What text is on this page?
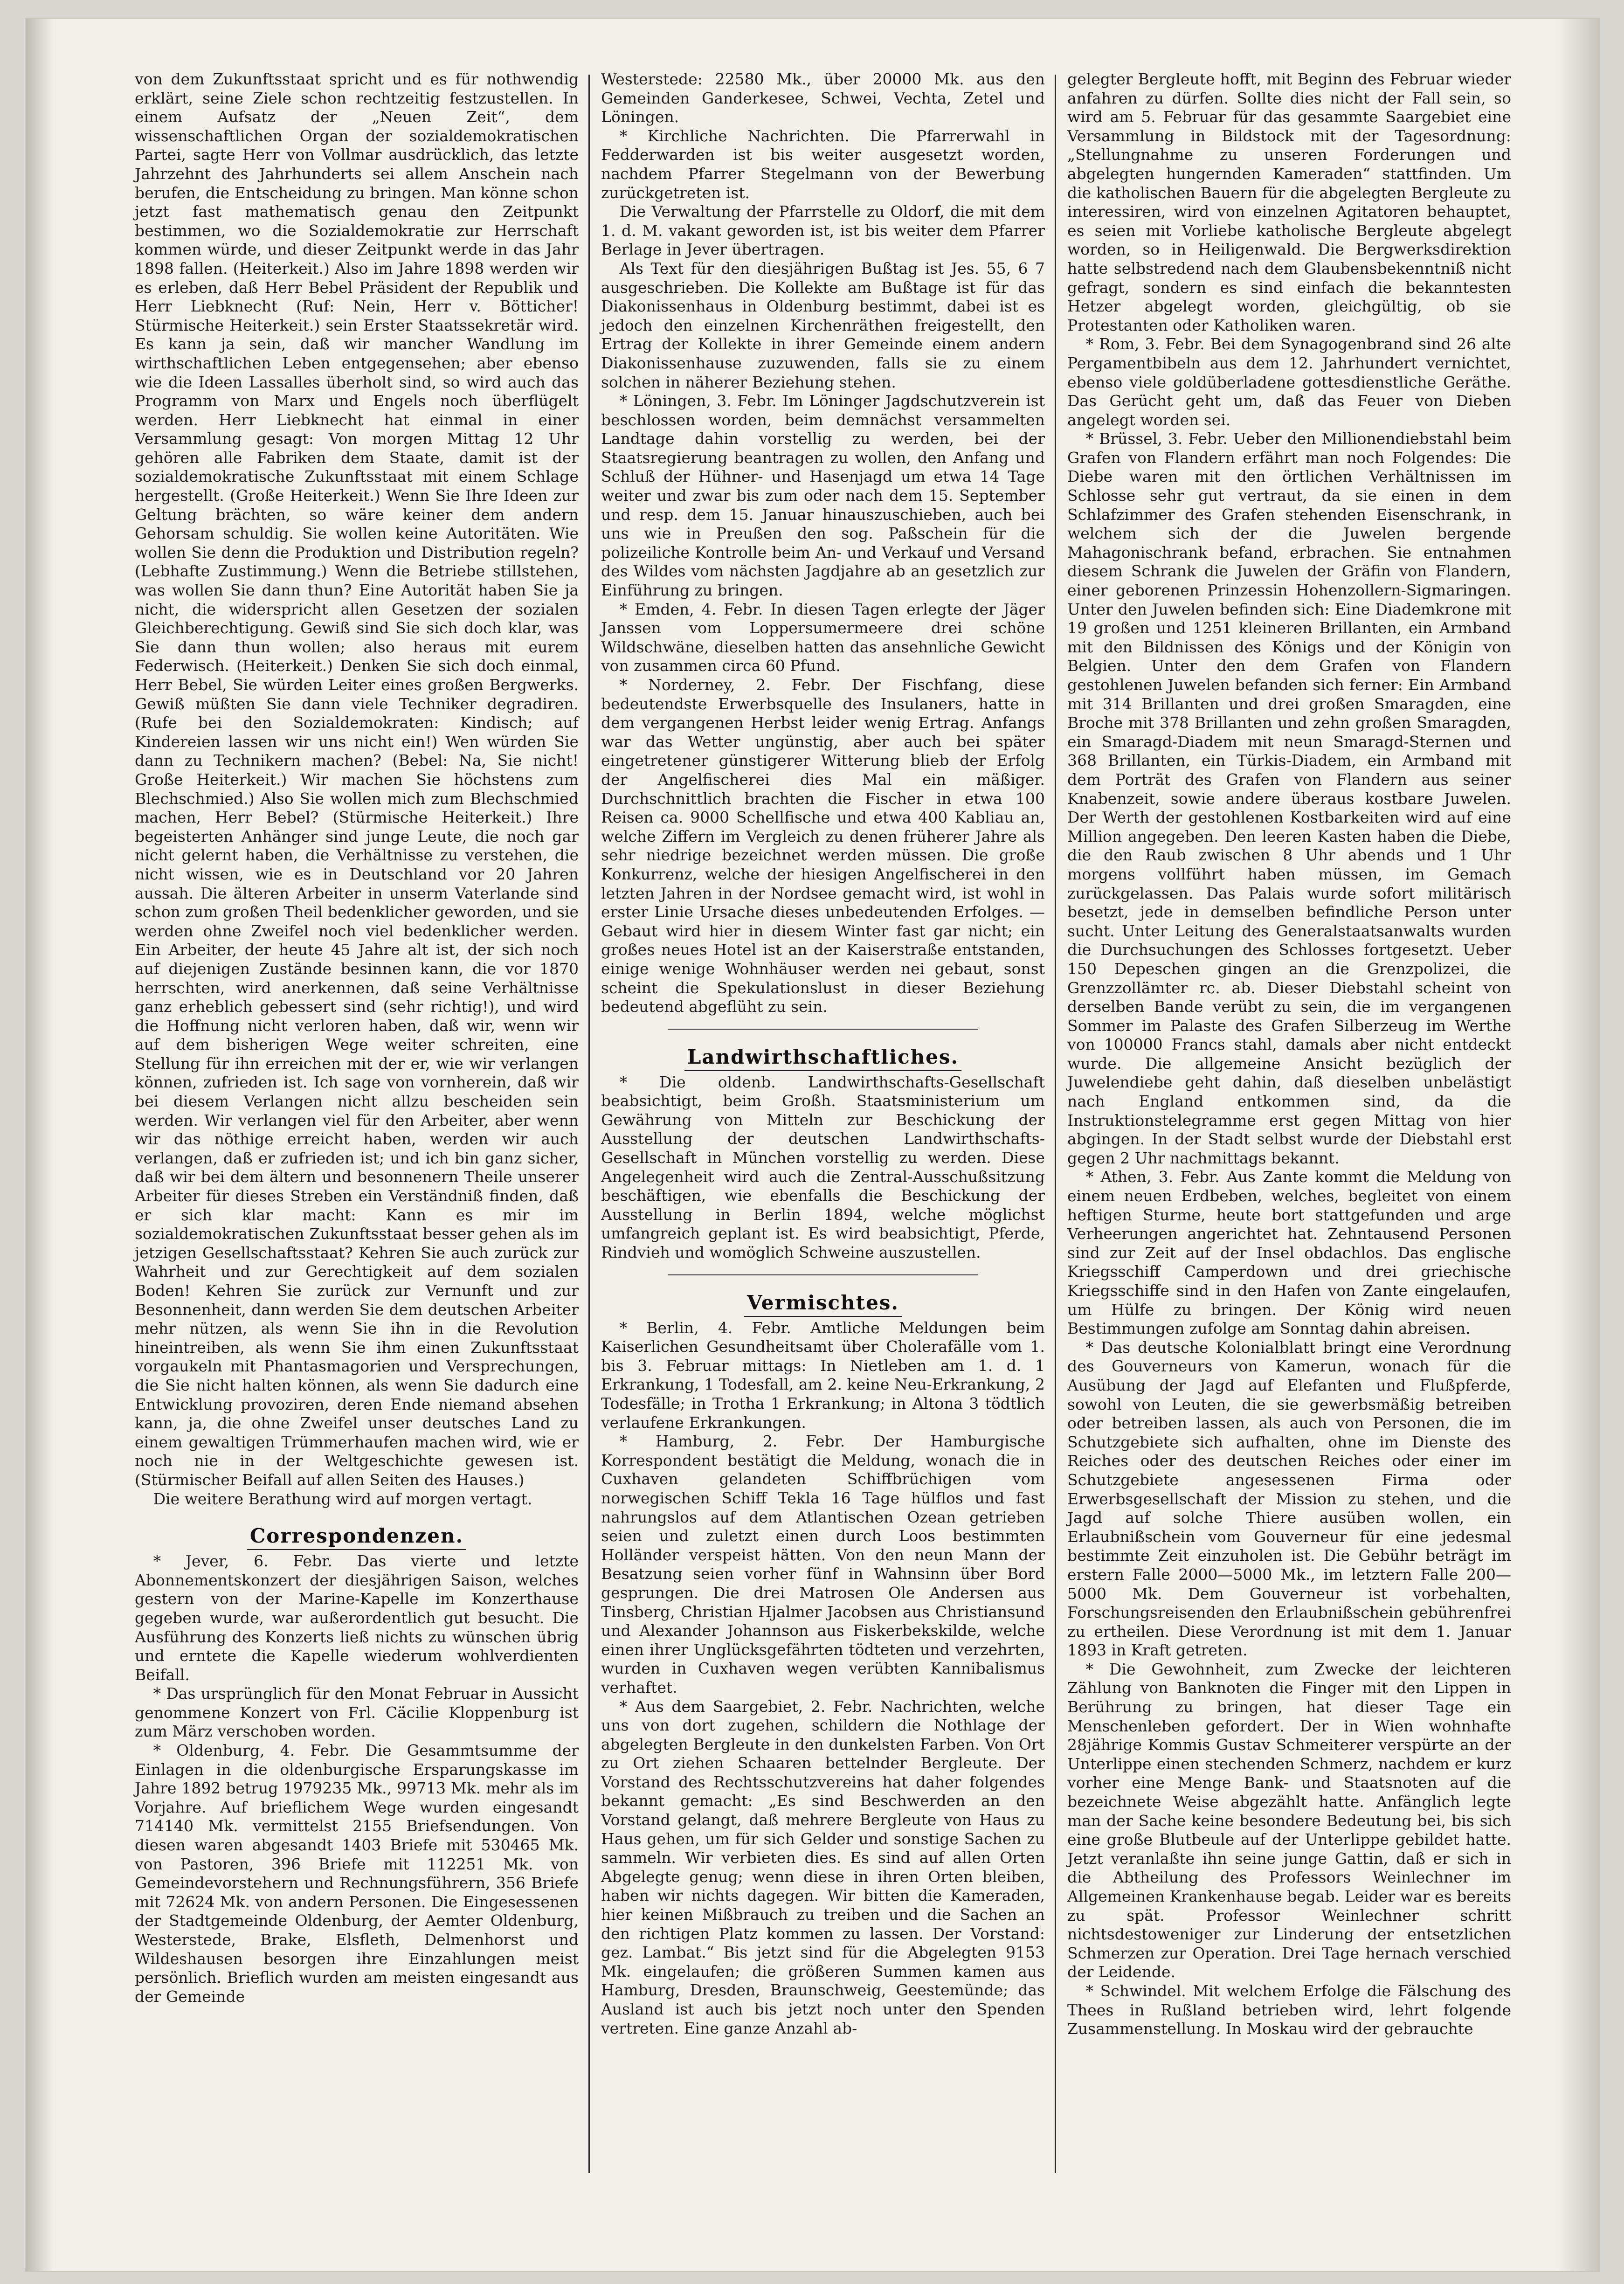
von dem Zukunftsstaat spricht und es für nothwendig erklärt, seine Ziele schon rechtzeitig festzustellen. In einem Aufsatz der „Neuen Zeit“, dem wissenschaftlichen Organ der sozialdemokratischen Partei, sagte Herr von Vollmar ausdrücklich, das letzte Jahrzehnt des Jahrhunderts sei allem Anschein nach berufen, die Entscheidung zu bringen. Man könne schon jetzt fast mathematisch genau den Zeitpunkt bestimmen, wo die Sozialdemokratie zur Herrschaft kommen würde, und dieser Zeitpunkt werde in das Jahr 1898 fallen. (Heiterkeit.) Also im Jahre 1898 werden wir es erleben, daß Herr Bebel Präsident der Republik und Herr Liebknecht (Ruf: Nein, Herr v. Bötticher! Stürmische Heiterkeit.) sein Erster Staatssekretär wird. Es kann ja sein, daß wir mancher Wandlung im wirthschaftlichen Leben entgegensehen; aber ebenso wie die Ideen Lassalles überholt sind, so wird auch das Programm von Marx und Engels noch überflügelt werden. Herr Liebknecht hat einmal in einer Versammlung gesagt: Von morgen Mittag 12 Uhr gehören alle Fabriken dem Staate, damit ist der sozialdemokratische Zukunftsstaat mit einem Schlage hergestellt. (Große Heiterkeit.) Wenn Sie Ihre Ideen zur Geltung brächten, so wäre keiner dem andern Gehorsam schuldig. Sie wollen keine Autoritäten. Wie wollen Sie denn die Produktion und Distribution regeln? (Lebhafte Zustimmung.) Wenn die Betriebe stillstehen, was wollen Sie dann thun? Eine Autorität haben Sie ja nicht, die widerspricht allen Gesetzen der sozialen Gleichberechtigung. Gewiß sind Sie sich doch klar, was Sie dann thun wollen; also heraus mit eurem Federwisch. (Heiterkeit.) Denken Sie sich doch einmal, Herr Bebel, Sie würden Leiter eines großen Bergwerks. Gewiß müßten Sie dann viele Techniker degradiren. (Rufe bei den Sozialdemokraten: Kindisch; auf Kindereien lassen wir uns nicht ein!) Wen würden Sie dann zu Technikern machen? (Bebel: Na, Sie nicht! Große Heiterkeit.) Wir machen Sie höchstens zum Blechschmied.) Also Sie wollen mich zum Blechschmied machen, Herr Bebel? (Stürmische Heiterkeit.) Ihre begeisterten Anhänger sind junge Leute, die noch gar nicht gelernt haben, die Verhältnisse zu verstehen, die nicht wissen, wie es in Deutschland vor 20 Jahren aussah. Die älteren Arbeiter in unserm Vaterlande sind schon zum großen Theil bedenklicher geworden, und sie werden ohne Zweifel noch viel bedenklicher werden. Ein Arbeiter, der heute 45 Jahre alt ist, der sich noch auf diejenigen Zustände besinnen kann, die vor 1870 herrschten, wird anerkennen, daß seine Verhältnisse ganz erheblich gebessert sind (sehr richtig!), und wird die Hoffnung nicht verloren haben, daß wir, wenn wir auf dem bisherigen Wege weiter schreiten, eine Stellung für ihn erreichen mit der er, wie wir verlangen können, zufrieden ist. Ich sage von vornherein, daß wir bei diesem Verlangen nicht allzu bescheiden sein werden. Wir verlangen viel für den Arbeiter, aber wenn wir das nöthige erreicht haben, werden wir auch verlangen, daß er zufrieden ist; und ich bin ganz sicher, daß wir bei dem ältern und besonnenern Theile unserer Arbeiter für dieses Streben ein Verständniß finden, daß er sich klar macht: Kann es mir im sozialdemokratischen Zukunftsstaat besser gehen als im jetzigen Gesellschaftsstaat? Kehren Sie auch zurück zur Wahrheit und zur Gerechtigkeit auf dem sozialen Boden! Kehren Sie zurück zur Vernunft und zur Besonnenheit, dann werden Sie dem deutschen Arbeiter mehr nützen, als wenn Sie ihn in die Revolution hineintreiben, als wenn Sie ihm einen Zukunftsstaat vorgaukeln mit Phantasmagorien und Versprechungen, die Sie nicht halten können, als wenn Sie dadurch eine Entwicklung provoziren, deren Ende niemand absehen kann, ja, die ohne Zweifel unser deutsches Land zu einem gewaltigen Trümmerhaufen machen wird, wie er noch nie in der Weltgeschichte gewesen ist. (Stürmischer Beifall auf allen Seiten des Hauses.)

Die weitere Berathung wird auf morgen vertagt.

Correspondenzen.

* Jever, 6. Febr. Das vierte und letzte Abonnementskonzert der diesjährigen Saison, welches gestern von der Marine-Kapelle im Konzerthause gegeben wurde, war außerordentlich gut besucht. Die Ausführung des Konzerts ließ nichts zu wünschen übrig und erntete die Kapelle wiederum wohlverdienten Beifall.

* Das ursprünglich für den Monat Februar in Aussicht genommene Konzert von Frl. Cäcilie Kloppenburg ist zum März verschoben worden.

* Oldenburg, 4. Febr. Die Gesammtsumme der Einlagen in die oldenburgische Ersparungskasse im Jahre 1892 betrug 1979235 Mk., 99713 Mk. mehr als im Vorjahre. Auf brieflichem Wege wurden eingesandt 714140 Mk. vermittelst 2155 Briefsendungen. Von diesen waren abgesandt 1403 Briefe mit 530465 Mk. von Pastoren, 396 Briefe mit 112251 Mk. von Gemeindevorstehern und Rechnungsführern, 356 Briefe mit 72624 Mk. von andern Personen. Die Eingesessenen der Stadtgemeinde Oldenburg, der Aemter Oldenburg, Westerstede, Brake, Elsfleth, Delmenhorst und Wildeshausen besorgen ihre Einzahlungen meist persönlich. Brieflich wurden am meisten eingesandt aus der Gemeinde

Westerstede: 22580 Mk., über 20000 Mk. aus den Gemeinden Ganderkesee, Schwei, Vechta, Zetel und Löningen.

* Kirchliche Nachrichten. Die Pfarrerwahl in Fedderwarden ist bis weiter ausgesetzt worden, nachdem Pfarrer Stegelmann von der Bewerbung zurückgetreten ist.

Die Verwaltung der Pfarrstelle zu Oldorf, die mit dem 1. d. M. vakant geworden ist, ist bis weiter dem Pfarrer Berlage in Jever übertragen.

Als Text für den diesjährigen Bußtag ist Jes. 55, 6 7 ausgeschrieben. Die Kollekte am Bußtage ist für das Diakonissenhaus in Oldenburg bestimmt, dabei ist es jedoch den einzelnen Kirchenräthen freigestellt, den Ertrag der Kollekte in ihrer Gemeinde einem andern Diakonissenhause zuzuwenden, falls sie zu einem solchen in näherer Beziehung stehen.

* Löningen, 3. Febr. Im Löninger Jagdschutzverein ist beschlossen worden, beim demnächst versammelten Landtage dahin vorstellig zu werden, bei der Staatsregierung beantragen zu wollen, den Anfang und Schluß der Hühner- und Hasenjagd um etwa 14 Tage weiter und zwar bis zum oder nach dem 15. September und resp. dem 15. Januar hinauszuschieben, auch bei uns wie in Preußen den sog. Paßschein für die polizeiliche Kontrolle beim An- und Verkauf und Versand des Wildes vom nächsten Jagdjahre ab an gesetzlich zur Einführung zu bringen.

* Emden, 4. Febr. In diesen Tagen erlegte der Jäger Janssen vom Loppersumermeere drei schöne Wildschwäne, dieselben hatten das ansehnliche Gewicht von zusammen circa 60 Pfund.

* Norderney, 2. Febr. Der Fischfang, diese bedeutendste Erwerbsquelle des Insulaners, hatte in dem vergangenen Herbst leider wenig Ertrag. Anfangs war das Wetter ungünstig, aber auch bei später eingetretener günstigerer Witterung blieb der Erfolg der Angelfischerei dies Mal ein mäßiger. Durchschnittlich brachten die Fischer in etwa 100 Reisen ca. 9000 Schellfische und etwa 400 Kabliau an, welche Ziffern im Vergleich zu denen früherer Jahre als sehr niedrige bezeichnet werden müssen. Die große Konkurrenz, welche der hiesigen Angelfischerei in den letzten Jahren in der Nordsee gemacht wird, ist wohl in erster Linie Ursache dieses unbedeutenden Erfolges. — Gebaut wird hier in diesem Winter fast gar nicht; ein großes neues Hotel ist an der Kaiserstraße entstanden, einige wenige Wohnhäuser werden nei gebaut, sonst scheint die Spekulationslust in dieser Beziehung bedeutend abgeflüht zu sein.

Landwirthschaftliches.

* Die oldenb. Landwirthschafts-Gesellschaft beabsichtigt, beim Großh. Staatsministerium um Gewährung von Mitteln zur Beschickung der Ausstellung der deutschen Landwirthschafts-Gesellschaft in München vorstellig zu werden. Diese Angelegenheit wird auch die Zentral-Ausschußsitzung beschäftigen, wie ebenfalls die Beschickung der Ausstellung in Berlin 1894, welche möglichst umfangreich geplant ist. Es wird beabsichtigt, Pferde, Rindvieh und womöglich Schweine auszustellen.

Vermischtes.

* Berlin, 4. Febr. Amtliche Meldungen beim Kaiserlichen Gesundheitsamt über Cholerafälle vom 1. bis 3. Februar mittags: In Nietleben am 1. d. 1 Erkrankung, 1 Todesfall, am 2. keine Neu-Erkrankung, 2 Todesfälle; in Trotha 1 Erkrankung; in Altona 3 tödtlich verlaufene Erkrankungen.

* Hamburg, 2. Febr. Der Hamburgische Korrespondent bestätigt die Meldung, wonach die in Cuxhaven gelandeten Schiffbrüchigen vom norwegischen Schiff Tekla 16 Tage hülflos und fast nahrungslos auf dem Atlantischen Ozean getrieben seien und zuletzt einen durch Loos bestimmten Holländer verspeist hätten. Von den neun Mann der Besatzung seien vorher fünf in Wahnsinn über Bord gesprungen. Die drei Matrosen Ole Andersen aus Tinsberg, Christian Hjalmer Jacobsen aus Christiansund und Alexander Johannson aus Fiskerbekskilde, welche einen ihrer Unglücksgefährten tödteten und verzehrten, wurden in Cuxhaven wegen verübten Kannibalismus verhaftet.

* Aus dem Saargebiet, 2. Febr. Nachrichten, welche uns von dort zugehen, schildern die Nothlage der abgelegten Bergleute in den dunkelsten Farben. Von Ort zu Ort ziehen Schaaren bettelnder Bergleute. Der Vorstand des Rechtsschutzvereins hat daher folgendes bekannt gemacht: „Es sind Beschwerden an den Vorstand gelangt, daß mehrere Bergleute von Haus zu Haus gehen, um für sich Gelder und sonstige Sachen zu sammeln. Wir verbieten dies. Es sind auf allen Orten Abgelegte genug; wenn diese in ihren Orten bleiben, haben wir nichts dagegen. Wir bitten die Kameraden, hier keinen Mißbrauch zu treiben und die Sachen an den richtigen Platz kommen zu lassen. Der Vorstand: gez. Lambat.“ Bis jetzt sind für die Abgelegten 9153 Mk. eingelaufen; die größeren Summen kamen aus Hamburg, Dresden, Braunschweig, Geestemünde; das Ausland ist auch bis jetzt noch unter den Spenden vertreten. Eine ganze Anzahl ab-

gelegter Bergleute hofft, mit Beginn des Februar wieder anfahren zu dürfen. Sollte dies nicht der Fall sein, so wird am 5. Februar für das gesammte Saargebiet eine Versammlung in Bildstock mit der Tagesordnung: „Stellungnahme zu unseren Forderungen und abgelegten hungernden Kameraden“ stattfinden. Um die katholischen Bauern für die abgelegten Bergleute zu interessiren, wird von einzelnen Agitatoren behauptet, es seien mit Vorliebe katholische Bergleute abgelegt worden, so in Heiligenwald. Die Bergwerksdirektion hatte selbstredend nach dem Glaubensbekenntniß nicht gefragt, sondern es sind einfach die bekanntesten Hetzer abgelegt worden, gleichgültig, ob sie Protestanten oder Katholiken waren.

* Rom, 3. Febr. Bei dem Synagogenbrand sind 26 alte Pergamentbibeln aus dem 12. Jahrhundert vernichtet, ebenso viele goldüberladene gottesdienstliche Geräthe. Das Gerücht geht um, daß das Feuer von Dieben angelegt worden sei.

* Brüssel, 3. Febr. Ueber den Millionendiebstahl beim Grafen von Flandern erfährt man noch Folgendes: Die Diebe waren mit den örtlichen Verhältnissen im Schlosse sehr gut vertraut, da sie einen in dem Schlafzimmer des Grafen stehenden Eisenschrank, in welchem sich der die Juwelen bergende Mahagonischrank befand, erbrachen. Sie entnahmen diesem Schrank die Juwelen der Gräfin von Flandern, einer geborenen Prinzessin Hohenzollern-Sigmaringen. Unter den Juwelen befinden sich: Eine Diademkrone mit 19 großen und 1251 kleineren Brillanten, ein Armband mit den Bildnissen des Königs und der Königin von Belgien. Unter den dem Grafen von Flandern gestohlenen Juwelen befanden sich ferner: Ein Armband mit 314 Brillanten und drei großen Smaragden, eine Broche mit 378 Brillanten und zehn großen Smaragden, ein Smaragd-Diadem mit neun Smaragd-Sternen und 368 Brillanten, ein Türkis-Diadem, ein Armband mit dem Porträt des Grafen von Flandern aus seiner Knabenzeit, sowie andere überaus kostbare Juwelen. Der Werth der gestohlenen Kostbarkeiten wird auf eine Million angegeben. Den leeren Kasten haben die Diebe, die den Raub zwischen 8 Uhr abends und 1 Uhr morgens vollführt haben müssen, im Gemach zurückgelassen. Das Palais wurde sofort militärisch besetzt, jede in demselben befindliche Person unter sucht. Unter Leitung des Generalstaatsanwalts wurden die Durchsuchungen des Schlosses fortgesetzt. Ueber 150 Depeschen gingen an die Grenzpolizei, die Grenzzollämter rc. ab. Dieser Diebstahl scheint von derselben Bande verübt zu sein, die im vergangenen Sommer im Palaste des Grafen Silberzeug im Werthe von 100000 Francs stahl, damals aber nicht entdeckt wurde. Die allgemeine Ansicht bezüglich der Juwelendiebe geht dahin, daß dieselben unbelästigt nach England entkommen sind, da die Instruktionstelegramme erst gegen Mittag von hier abgingen. In der Stadt selbst wurde der Diebstahl erst gegen 2 Uhr nachmittags bekannt.

* Athen, 3. Febr. Aus Zante kommt die Meldung von einem neuen Erdbeben, welches, begleitet von einem heftigen Sturme, heute bort stattgefunden und arge Verheerungen angerichtet hat. Zehntausend Personen sind zur Zeit auf der Insel obdachlos. Das englische Kriegsschiff Camperdown und drei griechische Kriegsschiffe sind in den Hafen von Zante eingelaufen, um Hülfe zu bringen. Der König wird neuen Bestimmungen zufolge am Sonntag dahin abreisen.

* Das deutsche Kolonialblatt bringt eine Verordnung des Gouverneurs von Kamerun, wonach für die Ausübung der Jagd auf Elefanten und Flußpferde, sowohl von Leuten, die sie gewerbsmäßig betreiben oder betreiben lassen, als auch von Personen, die im Schutzgebiete sich aufhalten, ohne im Dienste des Reiches oder des deutschen Reiches oder einer im Schutzgebiete angesessenen Firma oder Erwerbsgesellschaft der Mission zu stehen, und die Jagd auf solche Thiere ausüben wollen, ein Erlaubnißschein vom Gouverneur für eine jedesmal bestimmte Zeit einzuholen ist. Die Gebühr beträgt im erstern Falle 2000—5000 Mk., im letztern Falle 200—5000 Mk. Dem Gouverneur ist vorbehalten, Forschungsreisenden den Erlaubnißschein gebührenfrei zu ertheilen. Diese Verordnung ist mit dem 1. Januar 1893 in Kraft getreten.

* Die Gewohnheit, zum Zwecke der leichteren Zählung von Banknoten die Finger mit den Lippen in Berührung zu bringen, hat dieser Tage ein Menschenleben gefordert. Der in Wien wohnhafte 28jährige Kommis Gustav Schmeiterer verspürte an der Unterlippe einen stechenden Schmerz, nachdem er kurz vorher eine Menge Bank- und Staatsnoten auf die bezeichnete Weise abgezählt hatte. Anfänglich legte man der Sache keine besondere Bedeutung bei, bis sich eine große Blutbeule auf der Unterlippe gebildet hatte. Jetzt veranlaßte ihn seine junge Gattin, daß er sich in die Abtheilung des Professors Weinlechner im Allgemeinen Krankenhause begab. Leider war es bereits zu spät. Professor Weinlechner schritt nichtsdestoweniger zur Linderung der entsetzlichen Schmerzen zur Operation. Drei Tage hernach verschied der Leidende.

* Schwindel. Mit welchem Erfolge die Fälschung des Thees in Rußland betrieben wird, lehrt folgende Zusammenstellung. In Moskau wird der gebrauchte
